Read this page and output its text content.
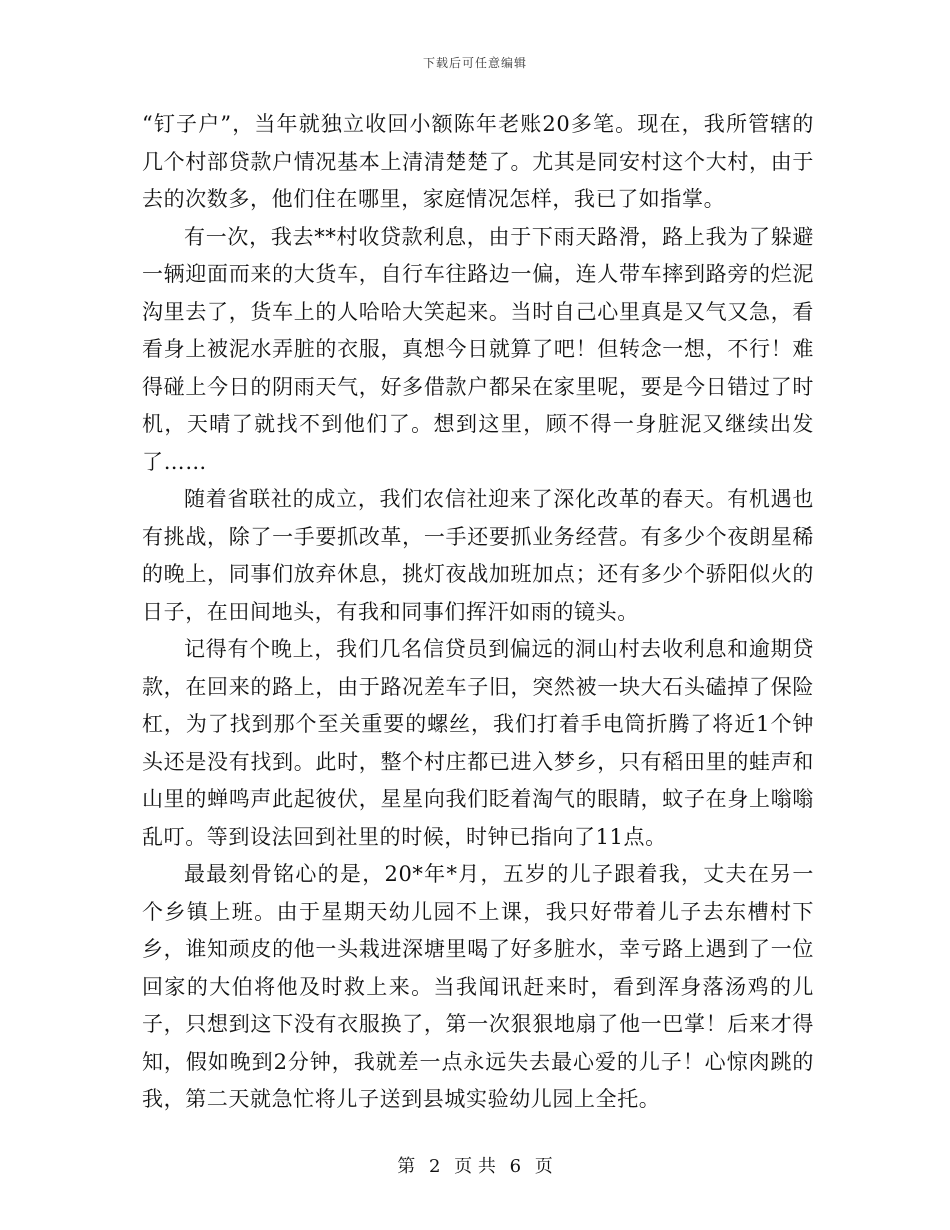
下载后可任意编辑

“钉子户”，当年就独立收回小额陈年老账20多笔。现在，我所管辖的几个村部贷款户情况基本上清清楚楚了。尤其是同安村这个大村，由于去的次数多，他们住在哪里，家庭情况怎样，我已了如指掌。

有一次，我去**村收贷款利息，由于下雨天路滑，路上我为了躲避一辆迎面而来的大货车，自行车往路边一偏，连人带车摔到路旁的烂泥沟里去了，货车上的人哈哈大笑起来。当时自己心里真是又气又急，看看身上被泥水弄脏的衣服，真想今日就算了吧！但转念一想，不行！难得碰上今日的阴雨天气，好多借款户都呆在家里呢，要是今日错过了时机，天晴了就找不到他们了。想到这里，顾不得一身脏泥又继续出发了……

随着省联社的成立，我们农信社迎来了深化改革的春天。有机遇也有挑战，除了一手要抓改革，一手还要抓业务经营。有多少个夜朗星稀的晚上，同事们放弃休息，挑灯夜战加班加点；还有多少个骄阳似火的日子，在田间地头，有我和同事们挥汗如雨的镜头。

记得有个晚上，我们几名信贷员到偏远的洞山村去收利息和逾期贷款，在回来的路上，由于路况差车子旧，突然被一块大石头磕掉了保险杠，为了找到那个至关重要的螺丝，我们打着手电筒折腾了将近1个钟头还是没有找到。此时，整个村庄都已进入梦乡，只有稻田里的蛙声和山里的蝉鸣声此起彼伏，星星向我们眨着淘气的眼睛，蚊子在身上嗡嗡乱叮。等到设法回到社里的时候，时钟已指向了11点。

最最刻骨铭心的是，20*年*月，五岁的儿子跟着我，丈夫在另一个乡镇上班。由于星期天幼儿园不上课，我只好带着儿子去东槽村下乡，谁知顽皮的他一头栽进深塘里喝了好多脏水，幸亏路上遇到了一位回家的大伯将他及时救上来。当我闻讯赶来时，看到浑身落汤鸡的儿子，只想到这下没有衣服换了，第一次狠狠地扇了他一巴掌！后来才得知，假如晚到2分钟，我就差一点永远失去最心爱的儿子！心惊肉跳的我，第二天就急忙将儿子送到县城实验幼儿园上全托。

第 2 页 共 6 页
